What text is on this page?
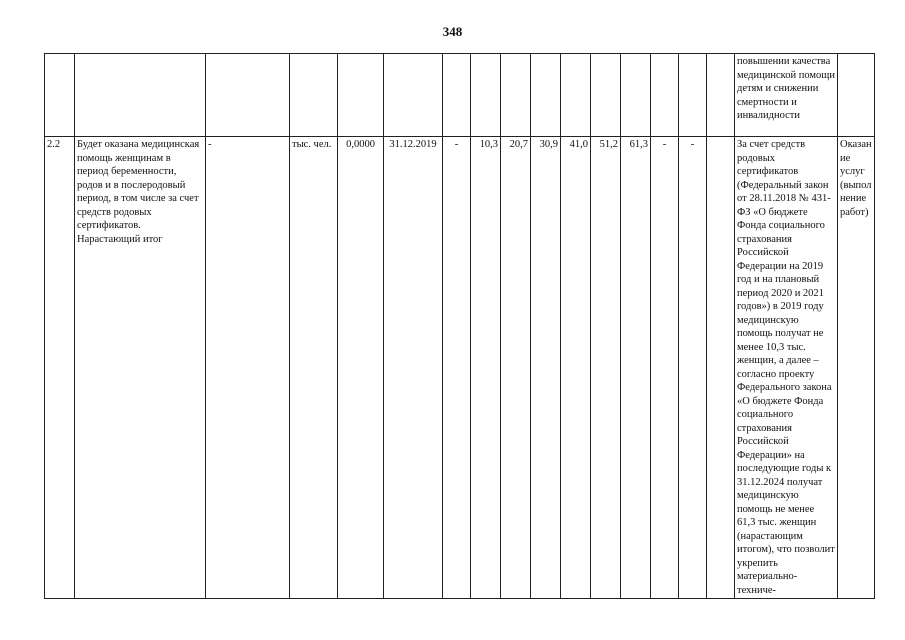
348
																повышении качества медицинской помощи детям и снижении смертности и инвалидности	
2.2	Будет оказана медицинская помощь женщинам в период беременности, родов и в послеродовый период, в том числе за счет средств родовых сертификатов. Нарастающий итог	-	тыс. чел.	0,0000	31.12.2019	-	10,3	20,7	30,9	41,0	51,2	61,3	-	-		За счет средств родовых сертификатов (Федеральный закон от 28.11.2018 № 431-ФЗ «О бюджете Фонда социального страхования Российской Федерации на 2019 год и на плановый период 2020 и 2021 годов») в 2019 году медицинскую помощь получат не менее 10,3 тыс. женщин, а далее – согласно проекту Федерального закона «О бюджете Фонда социального страхования Российской Федерации» на последующие годы к 31.12.2024 получат медицинскую помощь не менее 61,3 тыс. женщин (нарастающим итогом), что позволит укрепить материально-техниче-	Оказание услуг (выполнение работ)
